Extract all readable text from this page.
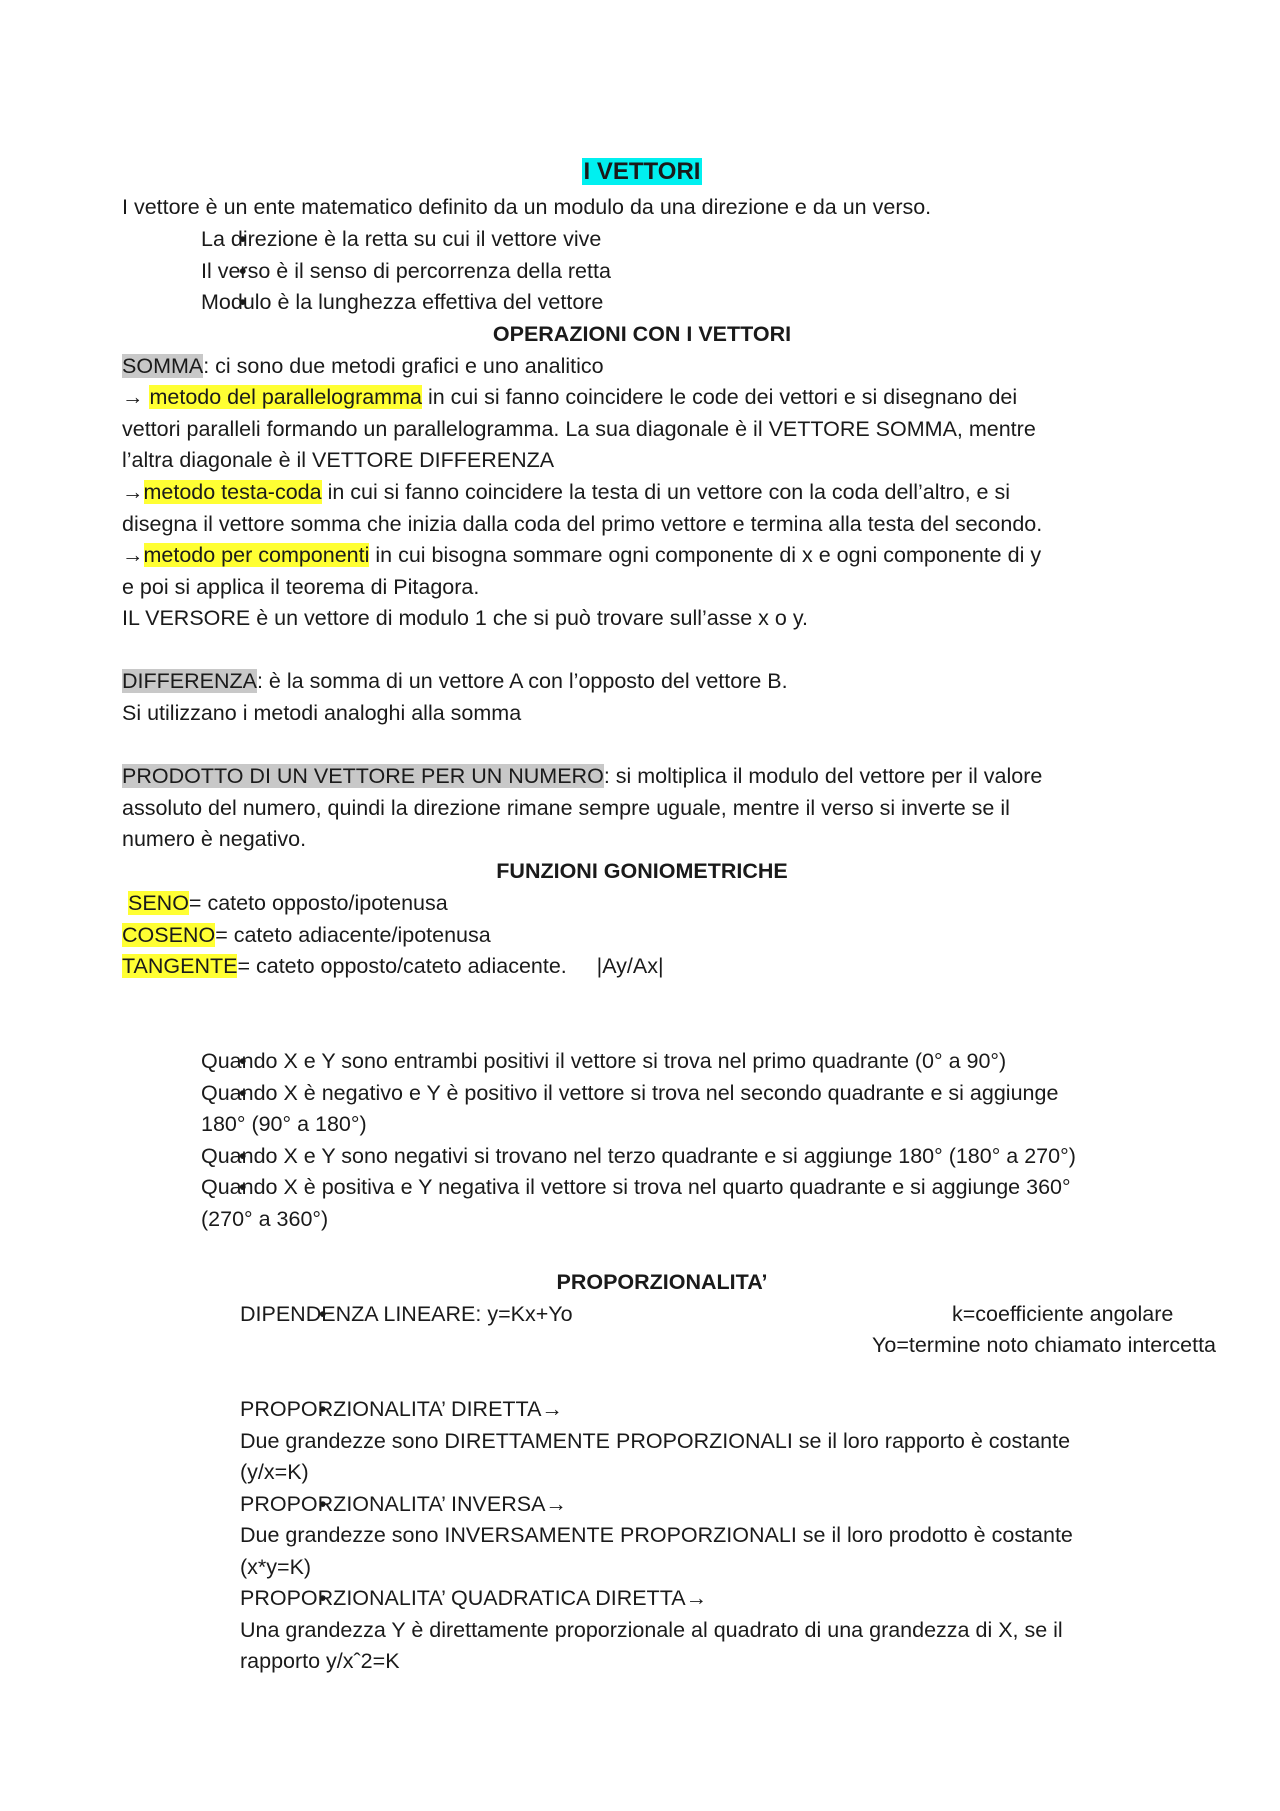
I VETTORI

I vettore è un ente matematico definito da un modulo da una direzione e da un verso.

• La direzione è la retta su cui il vettore vive
• Il verso è il senso di percorrenza della retta
• Modulo è la lunghezza effettiva del vettore
OPERAZIONI CON I VETTORI
SOMMA: ci sono due metodi grafici e uno analitico
→ metodo del parallelogramma in cui si fanno coincidere le code dei vettori e si disegnano dei
vettori paralleli formando un parallelogramma. La sua diagonale è il VETTORE SOMMA, mentre
l’altra diagonale è il VETTORE DIFFERENZA
→metodo testa-coda in cui si fanno coincidere la testa di un vettore con la coda dell’altro, e si
disegna il vettore somma che inizia dalla coda del primo vettore e termina alla testa del secondo.
→metodo per componenti in cui bisogna sommare ogni componente di x e ogni componente di y
e poi si applica il teorema di Pitagora.
IL VERSORE è un vettore di modulo 1 che si può trovare sull’asse x o y.
DIFFERENZA: è la somma di un vettore A con l’opposto del vettore B.
Si utilizzano i metodi analoghi alla somma
PRODOTTO DI UN VETTORE PER UN NUMERO: si moltiplica il modulo del vettore per il valore
assoluto del numero, quindi la direzione rimane sempre uguale, mentre il verso si inverte se il
numero è negativo.
FUNZIONI GONIOMETRICHE
SENO= cateto opposto/ipotenusa
COSENO= cateto adiacente/ipotenusa
TANGENTE= cateto opposto/cateto adiacente.     |Ay/Ax|
• Quando X e Y sono entrambi positivi il vettore si trova nel primo quadrante (0° a 90°)
• Quando X è negativo e Y è positivo il vettore si trova nel secondo quadrante e si aggiunge
180° (90° a 180°)
• Quando X e Y sono negativi si trovano nel terzo quadrante e si aggiunge 180° (180° a 270°)
• Quando X è positiva e Y negativa il vettore si trova nel quarto quadrante e si aggiunge 360°
(270° a 360°)
PROPORZIONALITA’
• DIPENDENZA LINEARE: y=Kx+Yo	k=coefficiente angolare
Yo=termine noto chiamato intercetta
• PROPORZIONALITA’ DIRETTA→
Due grandezze sono DIRETTAMENTE PROPORZIONALI se il loro rapporto è costante
(y/x=K)
• PROPORZIONALITA’ INVERSA→
Due grandezze sono INVERSAMENTE PROPORZIONALI se il loro prodotto è costante
(x*y=K)
• PROPORZIONALITA’ QUADRATICA DIRETTA→
Una grandezza Y è direttamente proporzionale al quadrato di una grandezza di X, se il
rapporto y/xˆ2=K
